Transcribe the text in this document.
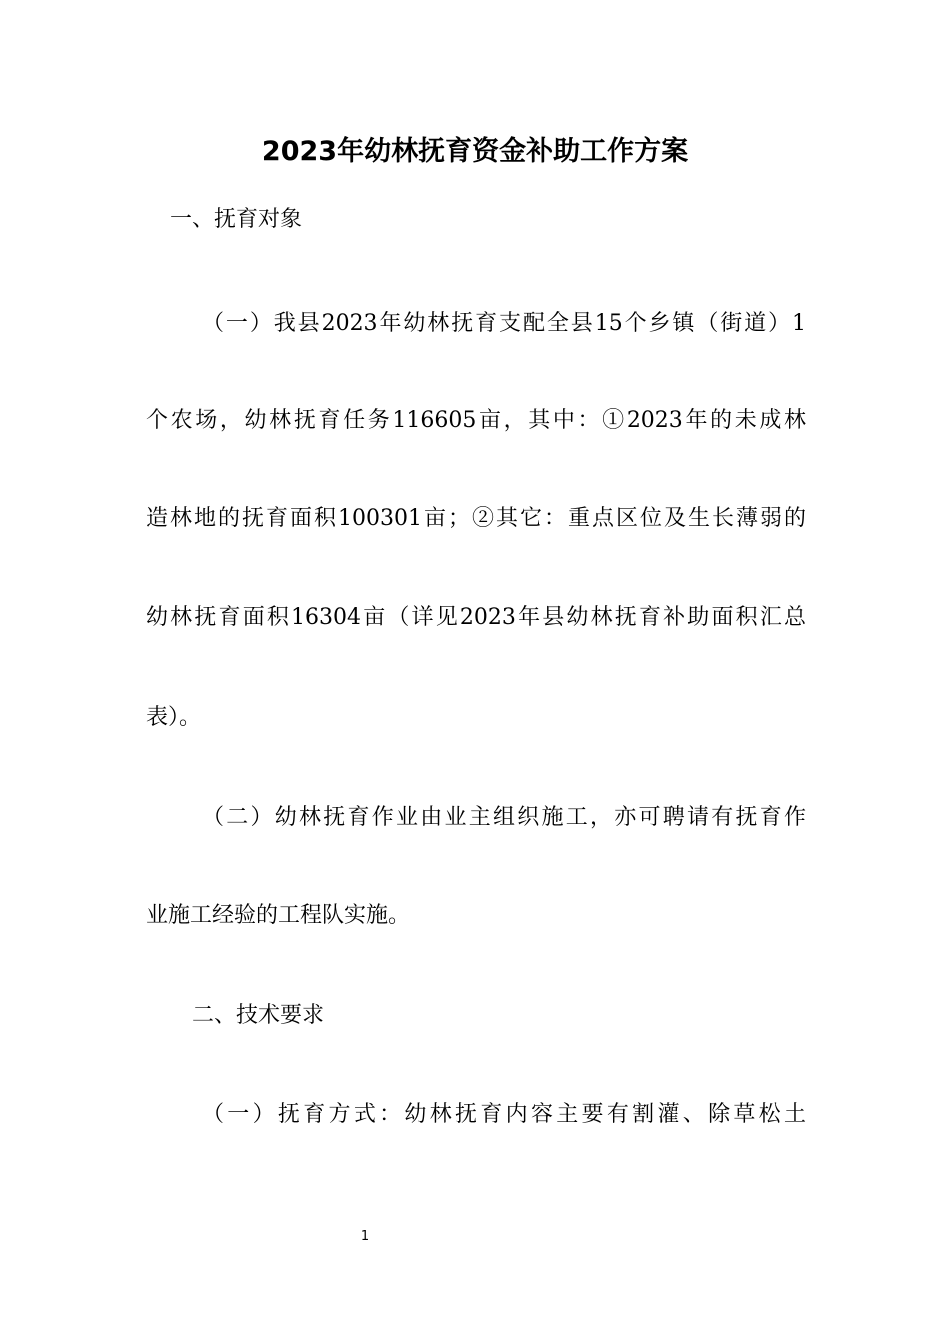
2023年幼林抚育资金补助工作方案
一、抚育对象
（一）我县2023年幼林抚育支配全县15个乡镇（街道）1
个农场，幼林抚育任务116605亩，其中：①2023年的未成林
造林地的抚育面积100301亩；②其它：重点区位及生长薄弱的
幼林抚育面积16304亩（详见2023年县幼林抚育补助面积汇总
表）。
（二）幼林抚育作业由业主组织施工，亦可聘请有抚育作
业施工经验的工程队实施。
二、技术要求
（一）抚育方式：幼林抚育内容主要有割灌、除草松土
1
